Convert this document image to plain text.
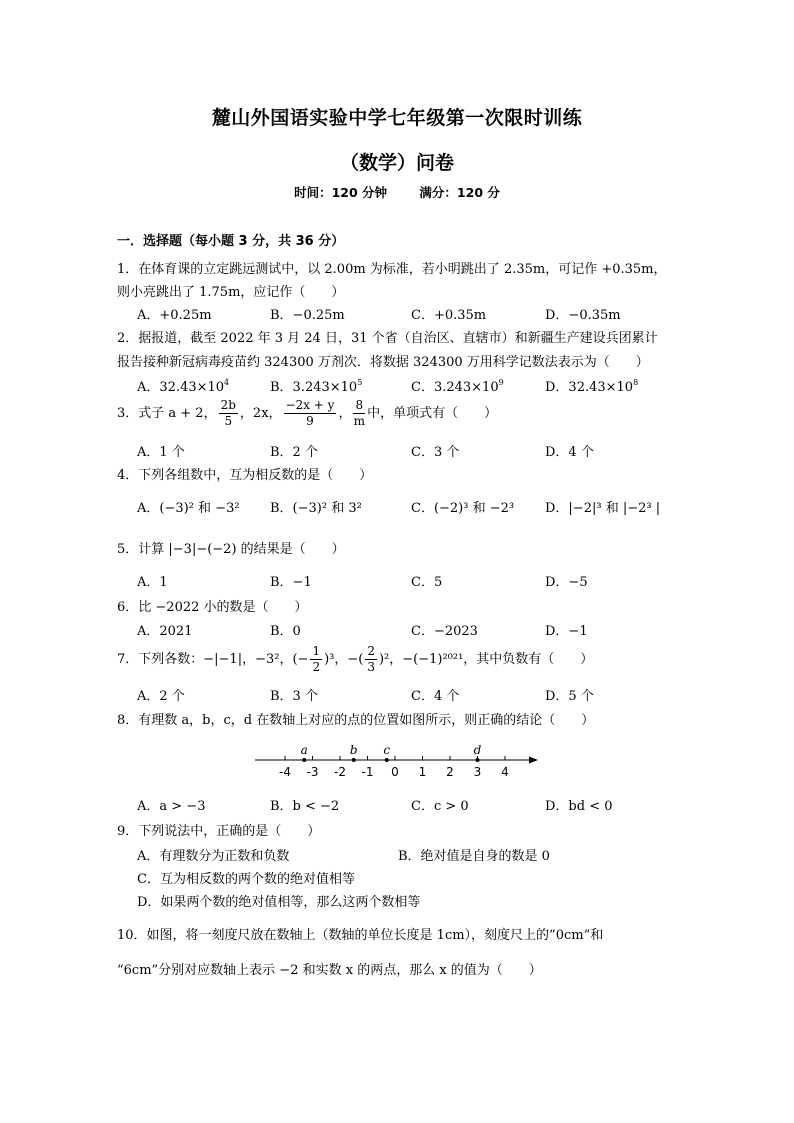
麓山外国语实验中学七年级第一次限时训练
（数学）问卷
时间：120 分钟	满分：120 分
一．选择题（每小题 3 分，共 36 分）
1．在体育课的立定跳远测试中，以 2.00m 为标准，若小明跳出了 2.35m，可记作 +0.35m，
则小亮跳出了 1.75m，应记作（　　）
A．+0.25m	B．−0.25m	C．+0.35m	D．−0.35m
2．据报道，截至 2022 年 3 月 24 日，31 个省（自治区、直辖市）和新疆生产建设兵团累计
报告接种新冠病毒疫苗约 324300 万剂次．将数据 324300 万用科学记数法表示为（　　）
A．$32.43\times 10^4$	B．$3.243\times 10^5$	C．$3.243\times 10^9$	D．$32.43\times 10^8$
3．式子 a + 2， $\frac{2b}{5}$ ，2x， $\frac{-2x + y}{9}$ ， $\frac{8}{m}$ 中，单项式有（　　）
A．1 个	B．2 个	C．3 个	D．4 个
4．下列各组数中，互为相反数的是（　　）
A．(−3)² 和 −3² B．(−3)² 和 3²	C．(−2)³ 和 −2³ D．|−2|³ 和 |−2³ |
5．计算 |−3|−(−2) 的结果是（　　）
A．1	B．−1	C．5	D．−5
6．比 −2022 小的数是（　　）
A．2021	B．0	C．−2023	D．−1
7．下列各数：−|−1|，−3²，(− $\frac{1}{2} )^3$，−( $\frac{2}{3} )^2$，−(−1)²⁰²¹，其中负数有（　　）
A．2 个	B．3 个	C．4 个	D．5 个
8．有理数 a，b，c，d 在数轴上对应的点的位置如图所示，则正确的结论（　　）
-4 -3 -2 -1 0 1 2 3 4
a	b c	d
A．a > −3	B．b < −2	C．c > 0	D．bd < 0
9．下列说法中，正确的是（　　）
A．有理数分为正数和负数	B．绝对值是自身的数是 0
C．互为相反数的两个数的绝对值相等
D．如果两个数的绝对值相等，那么这两个数相等
10．如图，将一刻度尺放在数轴上（数轴的单位长度是 1cm），刻度尺上的“0cm”和
“6cm”分别对应数轴上表示 −2 和实数 x 的两点，那么 x 的值为（　　）
